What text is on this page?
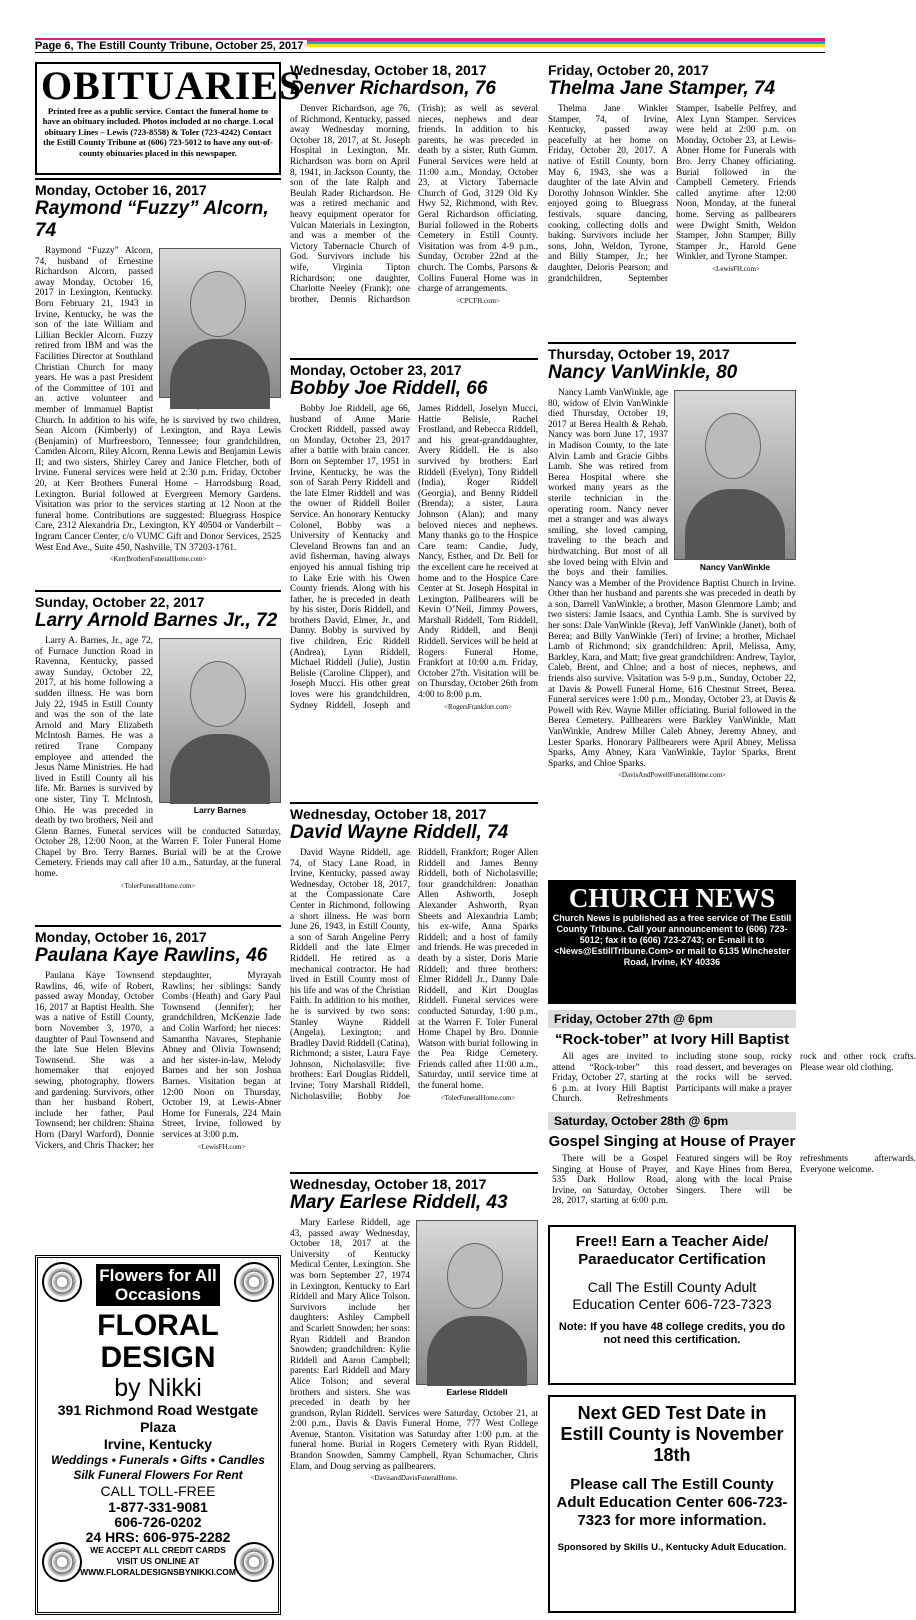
Page 6, The Estill County Tribune, October 25, 2017
OBITUARIES
Printed free as a public service. Contact the funeral home to have an obituary included. Photos included at no charge. Local obituary Lines – Lewis (723-8558) & Toler (723-4242) Contact the Estill County Tribune at (606) 723-5012 to have any out-of-county obituaries placed in this newspaper.
Monday, October 16, 2017
Raymond “Fuzzy” Alcorn, 74

Raymond “Fuzzy” Alcorn, 74, husband of Ernestine Richardson Alcorn, passed away Monday, October 16, 2017 in Lexington, Kentucky. Born February 21, 1943 in Irvine, Kentucky, he was the son of the late William and Lillian Beckler Alcorn. Fuzzy retired from IBM and was the Facilities Director at Southland Christian Church for many years. He was a past President of the Committee of 101 and an active volunteer and member of Immanuel Baptist Church. In addition to his wife, he is survived by two children, Sean Alcorn (Kimberly) of Lexington, and Raya Lewis (Benjamin) of Murfreesboro, Tennessee; four grandchildren, Camden Alcorn, Riley Alcorn, Renna Lewis and Benjamin Lewis II; and two sisters, Shirley Carey and Janice Fletcher, both of Irvine. Funeral services were held at 2:30 p.m. Friday, October 20, at Kerr Brothers Funeral Home – Harrodsburg Road, Lexington. Burial followed at Evergreen Memory Gardens. Visitation was prior to the services starting at 12 Noon at the funeral home. Contributions are suggested: Bluegrass Hospice Care, 2312 Alexandria Dr., Lexington, KY 40504 or Vanderbilt – Ingram Cancer Center, c/o VUMC Gift and Donor Services, 2525 West End Ave., Suite 450, Nashville, TN 37203-1761.

<KerrBrothersFuneralHome.com>
Sunday, October 22, 2017
Larry Arnold Barnes Jr., 72
Larry Barnes

Larry A. Barnes, Jr., age 72, of Furnace Junction Road in Ravenna, Kentucky, passed away Sunday, October 22, 2017, at his home following a sudden illness. He was born July 22, 1945 in Estill County and was the son of the late Arnold and Mary Elizabeth McIntosh Barnes. He was a retired Trane Company employee and attended the Jesus Name Ministries. He had lived in Estill County all his life. Mr. Barnes is survived by one sister, Tiny T. McIntosh, Ohio. He was preceded in death by two brothers, Neil and Glenn Barnes. Funeral services will be conducted Saturday, October 28, 12:00 Noon, at the Warren F. Toler Funeral Home Chapel by Bro. Terry Barnes. Burial will be at the Crowe Cemetery. Friends may call after 10 a.m., Saturday, at the funeral home.

<TolerFuneralHome.com>
Monday, October 16, 2017
Paulana Kaye Rawlins, 46

Paulana Kaye Townsend Rawlins, 46, wife of Robert, passed away Monday, October 16, 2017 at Baptist Health. She was a native of Estill County, born November 3, 1970, a daughter of Paul Townsend and the late Sue Helen Blevins Townsend. She was a homemaker that enjoyed sewing, photography, flowers and gardening. Survivors, other than her husband Robert, include her father, Paul Townsend; her children: Shaina Horn (Daryl Warford), Donnie Vickers, and Chris Thacker; her stepdaughter, Myrayah Rawlins; her siblings: Sandy Combs (Heath) and Gary Paul Townsend (Jennifer); her grandchildren, McKenzie Jade and Colin Warford; her nieces: Samantha Navares, Stephanie Abney and Olivia Townsend; and her sister-in-law, Melody Barnes and her son Joshua Barnes. Visitation began at 12:00 Noon on Thursday, October 19, at Lewis-Abner Home for Funerals, 224 Main Street, Irvine, followed by services at 3:00 p.m.

<LewisFH.com>
Flowers for All Occasions
FLORAL DESIGN
by Nikki
391 Richmond Road Westgate Plaza
Irvine, Kentucky
Weddings • Funerals • Gifts • Candles
Silk Funeral Flowers For Rent
CALL TOLL-FREE
1-877-331-9081
606-726-0202
24 HRS: 606-975-2282
WE ACCEPT ALL CREDIT CARDS
VISIT US ONLINE AT
WWW.FLORALDESIGNSBYNIKKI.COM
Wednesday, October 18, 2017
Denver Richardson, 76

Denver Richardson, age 76, of Richmond, Kentucky, passed away Wednesday morning, October 18, 2017, at St. Joseph Hospital in Lexington. Mr. Richardson was born on April 8, 1941, in Jackson County, the son of the late Ralph and Beulah Rader Richardson. He was a retired mechanic and heavy equipment operator for Vulcan Materials in Lexington, and was a member of the Victory Tabernacle Church of God. Survivors include his wife, Virginia Tipton Richardson; one daughter, Charlotte Neeley (Frank); one brother, Dennis Richardson (Trish); as well as several nieces, nephews and dear friends. In addition to his parents, he was preceded in death by a sister, Ruth Gumm. Funeral Services were held at 11:00 a.m., Monday, October 23, at Victory Tabernacle Church of God, 3129 Old Ky Hwy 52, Richmond, with Rev. Geral Richardson officiating. Burial followed in the Roberts Cemetery in Estill County. Visitation was from 4-9 p.m., Sunday, October 22nd at the church. The Combs, Parsons & Collins Funeral Home was in charge of arrangements.

<CPCFH.com>
Monday, October 23, 2017
Bobby Joe Riddell, 66

Bobby Joe Riddell, age 66, husband of Anne Marie Crockett Riddell, passed away on Monday, October 23, 2017 after a battle with brain cancer. Born on September 17, 1951 in Irvine, Kentucky, he was the son of Sarah Perry Riddell and the late Elmer Riddell and was the owner of Riddell Boiler Service. An honorary Kentucky Colonel, Bobby was a University of Kentucky and Cleveland Browns fan and an avid fisherman, having always enjoyed his annual fishing trip to Lake Erie with his Owen County friends. Along with his father, he is preceded in death by his sister, Doris Riddell, and brothers David, Elmer, Jr., and Danny. Bobby is survived by five children, Eric Riddell (Andrea), Lynn Riddell, Michael Riddell (Julie), Justin Belisle (Caroline Clipper), and Joseph Mucci. His other great loves were his grandchildren, Sydney Riddell, Joseph and James Riddell, Joselyn Mucci, Hattie Belisle, Rachel Frostland, and Rebecca Riddell, and his great-granddaughter, Avery Riddell. He is also survived by brothers: Earl Riddell (Evelyn), Tony Riddell (India), Roger Riddell (Georgia), and Benny Riddell (Brenda); a sister, Laura Johnson (Alan); and many beloved nieces and nephews. Many thanks go to the Hospice Care team: Candie, Judy, Nancy, Esther, and Dr. Bell for the excellent care he received at home and to the Hospice Care Center at St. Joseph Hospital in Lexington. Pallbearers will be Kevin O’Neil, Jimmy Powers, Marshall Riddell, Tom Riddell, Andy Riddell, and Benji Riddell. Services will be held at Rogers Funeral Home, Frankfort at 10:00 a.m. Friday, October 27th. Visitation will be on Thursday, October 26th from 4:00 to 8:00 p.m.

<RogersFrankfort.com>
Wednesday, October 18, 2017
David Wayne Riddell, 74

David Wayne Riddell, age 74, of Stacy Lane Road, in Irvine, Kentucky, passed away Wednesday, October 18, 2017, at the Compassionate Care Center in Richmond, following a short illness. He was born June 26, 1943, in Estill County, a son of Sarah Angeline Perry Riddell and the late Elmer Riddell. He retired as a mechanical contractor. He had lived in Estill County most of his life and was of the Christian Faith. In addition to his mother, he is survived by two sons: Stanley Wayne Riddell (Angela), Lexington; and Bradley David Riddell (Catina), Richmond; a sister, Laura Faye Johnson, Nicholasville; five brothers: Earl Douglas Riddell, Irvine; Tony Marshall Riddell, Nicholasville; Bobby Joe Riddell, Frankfort; Roger Allen Riddell and James Benny Riddell, both of Nicholasville; four grandchildren: Jonathan Allen Ashworth, Joseph Alexander Ashworth, Ryan Sheets and Alexandria Lamb; his ex-wife, Anna Sparks Riddell; and a host of family and friends. He was preceded in death by a sister, Doris Marie Riddell; and three brothers: Elmer Riddell Jr., Danny Dale Riddell, and Kirt Douglas Riddell. Funeral services were conducted Saturday, 1:00 p.m., at the Warren F. Toler Funeral Home Chapel by Bro. Donnie Watson with burial following in the Pea Ridge Cemetery. Friends called after 11:00 a.m., Saturday, until service time at the funeral home.

<TolerFuneralHome.com>
Wednesday, October 18, 2017
Mary Earlese Riddell, 43
Earlese Riddell

Mary Earlese Riddell, age 43, passed away Wednesday, October 18, 2017 at the University of Kentucky Medical Center, Lexington. She was born September 27, 1974 in Lexington, Kentucky to Earl Riddell and Mary Alice Tolson. Survivors include her daughters: Ashley Campbell and Scarlett Snowden; her sons: Ryan Riddell and Brandon Snowden; grandchildren: Kylie Riddell and Aaron Campbell; parents: Earl Riddell and Mary Alice Tolson; and several brothers and sisters. She was preceded in death by her grandson, Rylan Riddell. Services were Saturday, October 21, at 2:00 p.m., Davis & Davis Funeral Home, 777 West College Avenue, Stanton. Visitation was Saturday after 1:00 p.m. at the funeral home. Burial in Rogers Cemetery with Ryan Riddell, Brandon Snowden, Sammy Campbell, Ryan Schumacher, Chris Elam, and Doug serving as pallbearers.

<DavisandDavisFuneralHome.
Friday, October 20, 2017
Thelma Jane Stamper, 74

Thelma Jane Winkler Stamper, 74, of Irvine, Kentucky, passed away peacefully at her home on Friday, October 20, 2017. A native of Estill County, born May 6, 1943, she was a daughter of the late Alvin and Dorothy Johnson Winkler. She enjoyed going to Bluegrass festivals, square dancing, cooking, collecting dolls and baking. Survivors include her sons, John, Weldon, Tyrone, and Billy Stamper, Jr.; her daughter, Deloris Pearson; and grandchildren, September Stamper, Isabelle Pelfrey, and Alex Lynn Stamper. Services were held at 2:00 p.m. on Monday, October 23, at Lewis-Abner Home for Funerals with Bro. Jerry Chaney officiating. Burial followed in the Campbell Cemetery. Friends called anytime after 12:00 Noon, Monday, at the funeral home. Serving as pallbearers were Dwight Smith, Weldon Stamper, John Stamper, Billy Stamper Jr., Harold Gene Winkler, and Tyrone Stamper.

<LewisFH.com>
Thursday, October 19, 2017
Nancy VanWinkle, 80
Nancy VanWinkle

Nancy Lamb VanWinkle, age 80, widow of Elvin VanWinkle died Thursday, October 19, 2017 at Berea Health & Rehab. Nancy was born June 17, 1937 in Madison County, to the late Alvin Lamb and Gracie Gibbs Lamb. She was retired from Berea Hospital where she worked many years as the sterile technician in the operating room. Nancy never met a stranger and was always smiling, she loved camping, traveling to the beach and birdwatching. But most of all she loved being with Elvin and the boys and their families. Nancy was a Member of the Providence Baptist Church in Irvine. Other than her husband and parents she was preceded in death by a son, Darrell VanWinkle; a brother, Mason Glenmore Lamb; and two sisters: Jamie Isaacs, and Cynthia Lamb. She is survived by her sons: Dale VanWinkle (Reva), Jeff VanWinkle (Janet), both of Berea; and Billy VanWinkle (Teri) of Irvine; a brother, Michael Lamb of Richmond; six grandchildren: April, Melissa, Amy, Barkley, Kara, and Matt; five great grandchildren: Andrew, Taylor, Caleb, Brent, and Chloe; and a host of nieces, nephews, and friends also survive. Visitation was 5-9 p.m., Sunday, October 22, at Davis & Powell Funeral Home, 616 Chestnut Street, Berea. Funeral services were 1:00 p.m., Monday, October 23, at Davis & Powell with Rev. Wayne Miller officiating. Burial followed in the Berea Cemetery. Pallbearers were Barkley VanWinkle, Matt VanWinkle, Andrew Miller Caleb Abney, Jeremy Abney, and Lester Sparks. Honorary Pallbearers were April Abney, Melissa Sparks, Amy Abney, Kara VanWinkle, Taylor Sparks, Brent Sparks, and Chloe Sparks.

<DavisAndPowellFuneralHome.com>
CHURCH NEWS
Church News is published as a free service of The Estill County Tribune. Call your announcement to (606) 723-5012; fax it to (606) 723-2743; or E-mail it to <News@EstillTribune.Com> or mail to 6135 Winchester Road, Irvine, KY 40336
Friday, October 27th @ 6pm
“Rock-tober” at Ivory Hill Baptist

All ages are invited to attend “Rock-tober” this Friday, October 27, starting at 6 p.m. at Ivory Hill Baptist Church. Refreshments including stone soup, rocky road dessert, and beverages on the rocks will be served. Participants will make a prayer rock and other rock crafts. Please wear old clothing.

Saturday, October 28th @ 6pm
Gospel Singing at House of Prayer

There will be a Gospel Singing at House of Prayer, 535 Dark Hollow Road, Irvine, on Saturday, October 28, 2017, starting at 6:00 p.m. Featured singers will be Roy and Kaye Hines from Berea, along with the local Praise Singers. There will be refreshments afterwards. Everyone welcome.

Free!! Earn a Teacher Aide/ Paraeducator Certification
Call The Estill County Adult Education Center 606-723-7323
Note: If you have 48 college credits, you do not need this certification.
Next GED Test Date in Estill County is November 18th
Please call The Estill County Adult Education Center 606-723-7323 for more information.
Sponsored by Skills U., Kentucky Adult Education.
